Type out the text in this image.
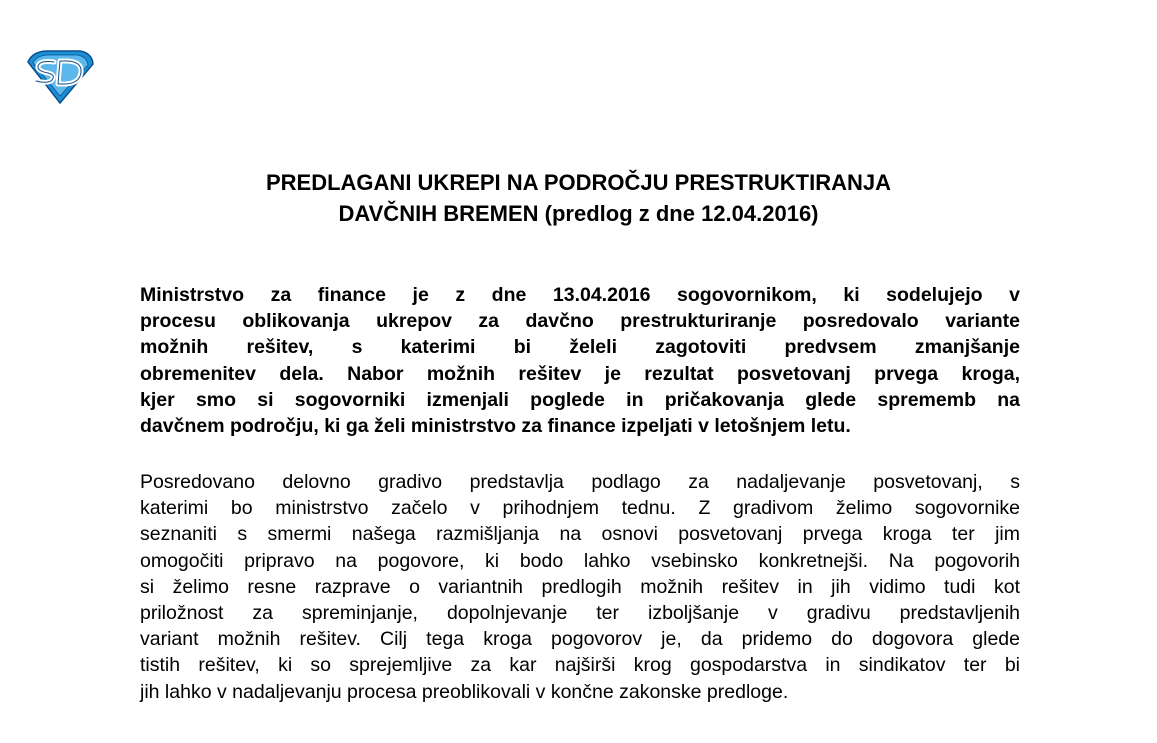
PREDLAGANI UKREPI NA PODROČJU PRESTRUKTIRANJA
DAVČNIH BREMEN (predlog z dne 12.04.2016)
Ministrstvo za finance je z dne 13.04.2016 sogovornikom, ki sodelujejo v
procesu oblikovanja ukrepov za davčno prestrukturiranje posredovalo variante
možnih rešitev, s katerimi bi želeli zagotoviti predvsem zmanjšanje
obremenitev dela. Nabor možnih rešitev je rezultat posvetovanj prvega kroga,
kjer smo si sogovorniki izmenjali poglede in pričakovanja glede sprememb na
davčnem področju, ki ga želi ministrstvo za finance izpeljati v letošnjem letu.
Posredovano delovno gradivo predstavlja podlago za nadaljevanje posvetovanj, s
katerimi bo ministrstvo začelo v prihodnjem tednu. Z gradivom želimo sogovornike
seznaniti s smermi našega razmišljanja na osnovi posvetovanj prvega kroga ter jim
omogočiti pripravo na pogovore, ki bodo lahko vsebinsko konkretnejši. Na pogovorih
si želimo resne razprave o variantnih predlogih možnih rešitev in jih vidimo tudi kot
priložnost za spreminjanje, dopolnjevanje ter izboljšanje v gradivu predstavljenih
variant možnih rešitev. Cilj tega kroga pogovorov je, da pridemo do dogovora glede
tistih rešitev, ki so sprejemljive za kar najširši krog gospodarstva in sindikatov ter bi
jih lahko v nadaljevanju procesa preoblikovali v končne zakonske predloge.
